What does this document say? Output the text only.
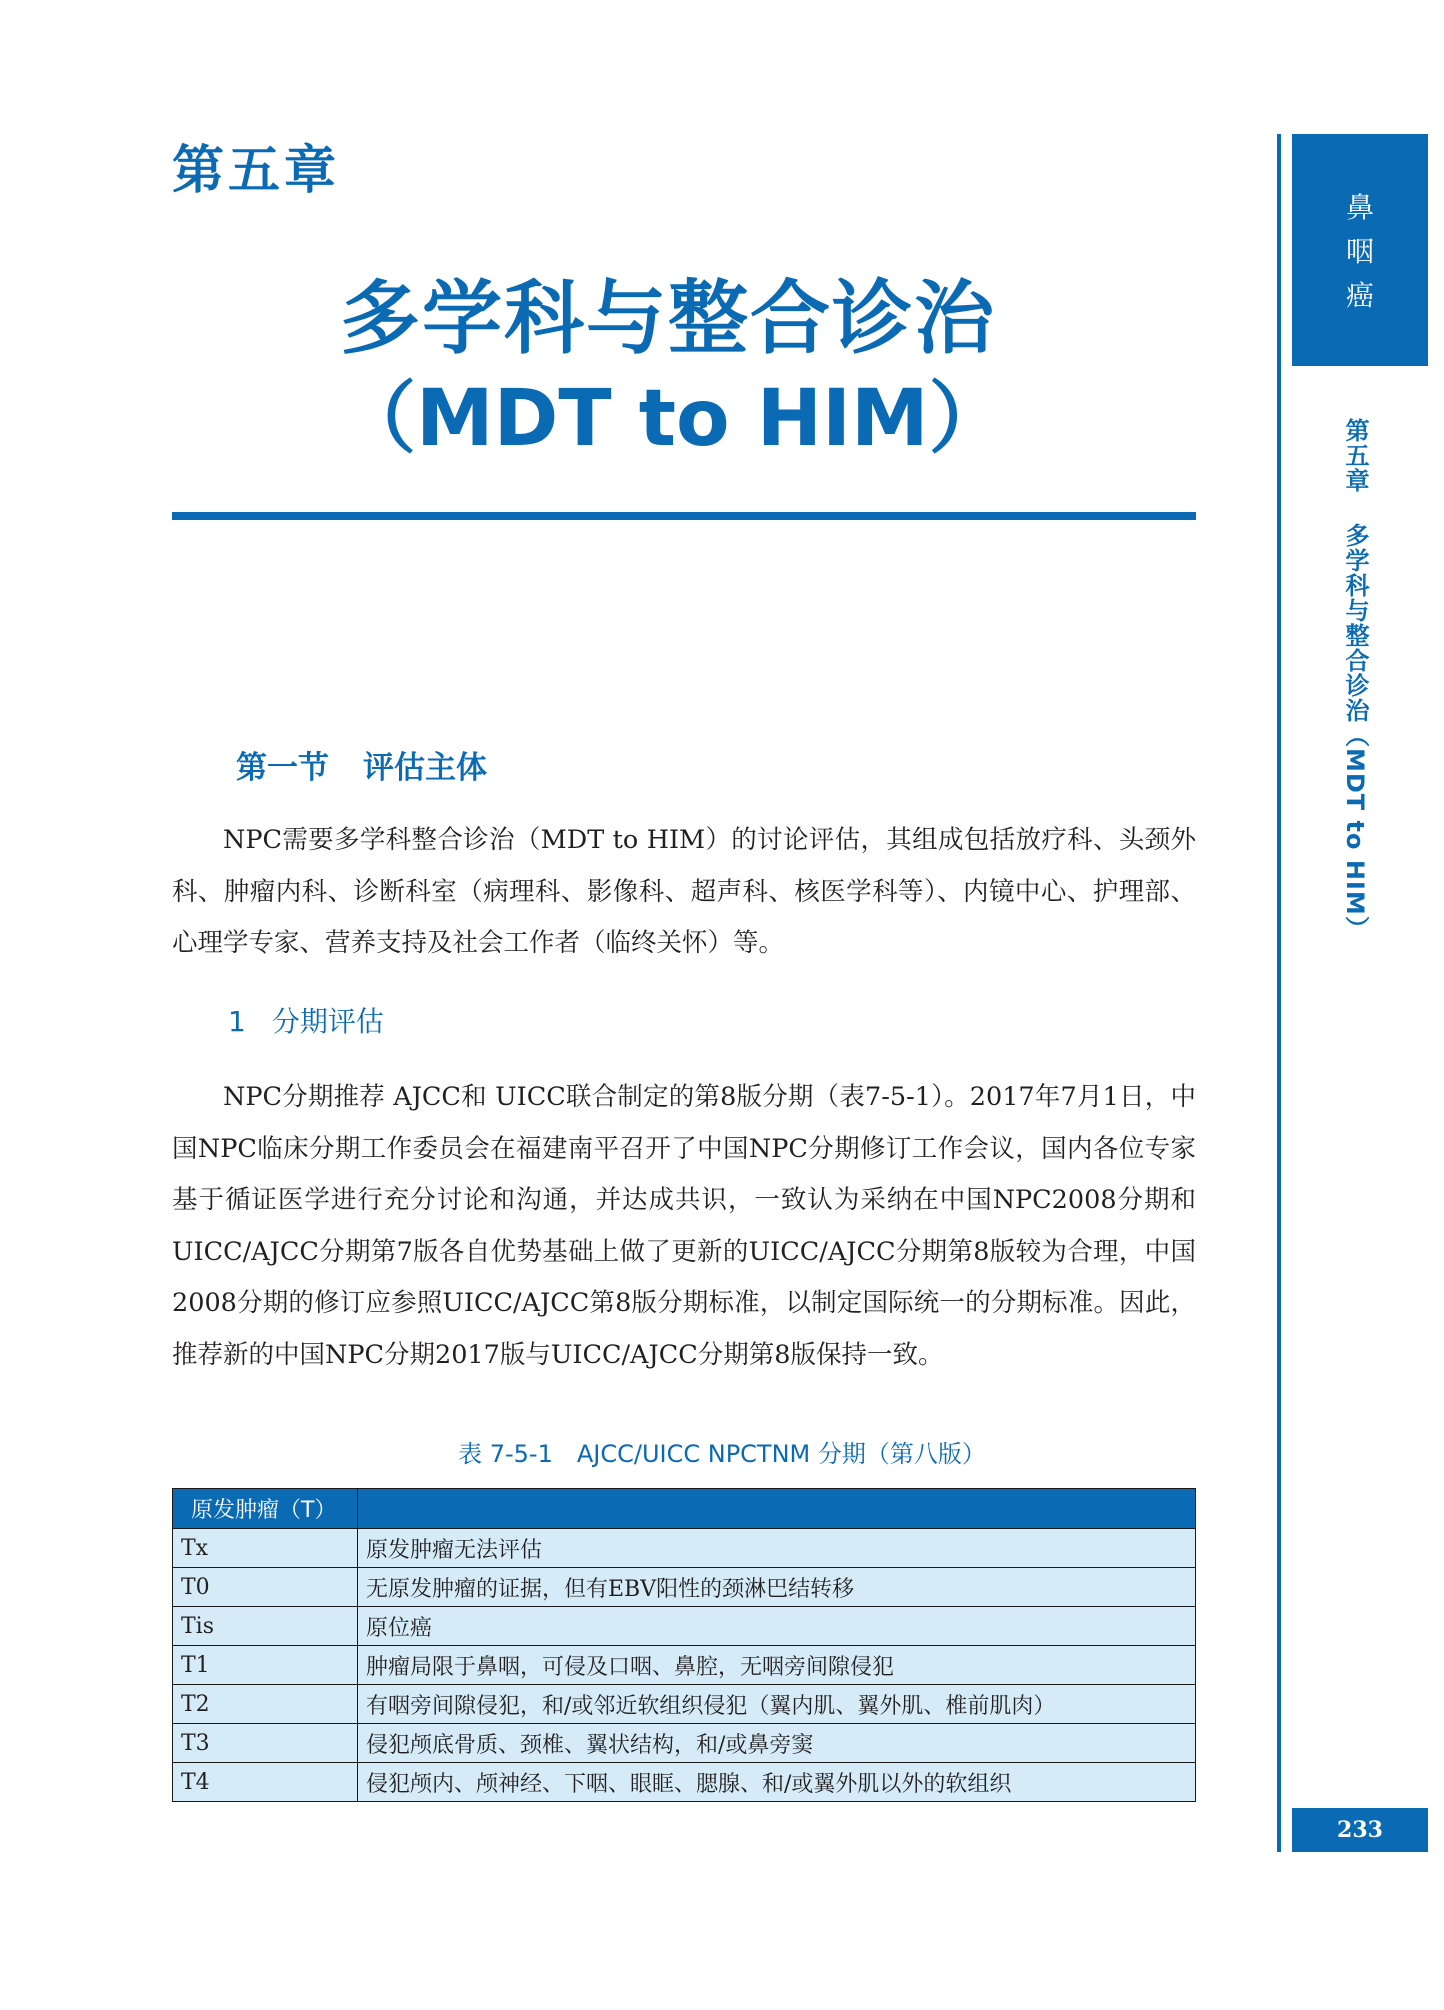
第五章
多学科与整合诊治
（MDT to HIM）
第一节 评估主体

NPC需要多学科整合诊治（MDT to HIM）的讨论评估，其组成包括放疗科、头颈外科、肿瘤内科、诊断科室（病理科、影像科、超声科、核医学科等）、内镜中心、护理部、心理学专家、营养支持及社会工作者（临终关怀）等。

1 分期评估

NPC分期推荐 AJCC和 UICC联合制定的第8版分期（表7-5-1）。2017年7月1日，中国NPC临床分期工作委员会在福建南平召开了中国NPC分期修订工作会议，国内各位专家基于循证医学进行充分讨论和沟通，并达成共识，一致认为采纳在中国NPC2008分期和UICC/AJCC分期第7版各自优势基础上做了更新的UICC/AJCC分期第8版较为合理，中国2008分期的修订应参照UICC/AJCC第8版分期标准，以制定国际统一的分期标准。因此，推荐新的中国NPC分期2017版与UICC/AJCC分期第8版保持一致。

表 7-5-1　AJCC/UICC NPCTNM 分期（第八版）
原发肿瘤（T）	
Tx	原发肿瘤无法评估
T0	无原发肿瘤的证据，但有EBV阳性的颈淋巴结转移
Tis	原位癌
T1	肿瘤局限于鼻咽，可侵及口咽、鼻腔，无咽旁间隙侵犯
T2	有咽旁间隙侵犯，和/或邻近软组织侵犯（翼内肌、翼外肌、椎前肌肉）
T3	侵犯颅底骨质、颈椎、翼状结构，和/或鼻旁窦
T4	侵犯颅内、颅神经、下咽、眼眶、腮腺、和/或翼外肌以外的软组织
鼻
咽
癌
第五章多学科与整合诊治（MDT to HIM）
233
